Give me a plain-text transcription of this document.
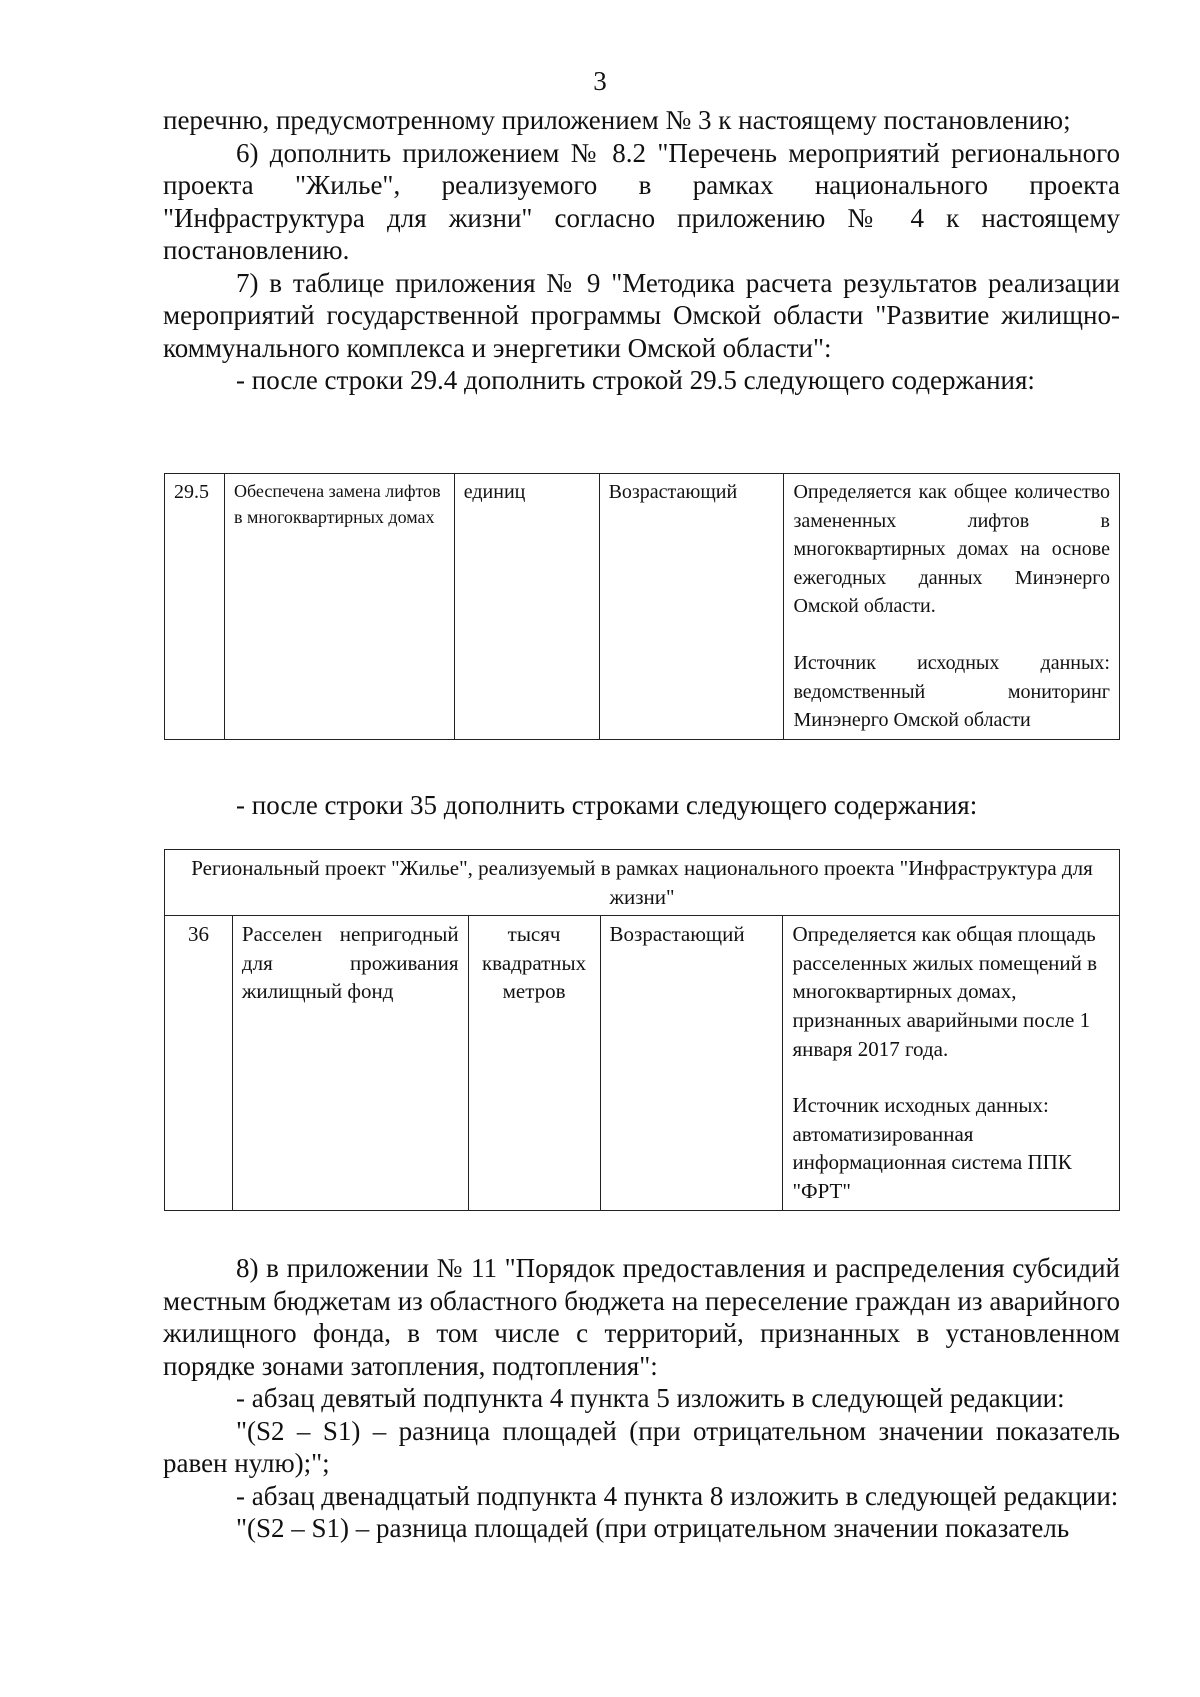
3

перечню, предусмотренному приложением № 3 к настоящему постановлению;

6) дополнить приложением № 8.2 "Перечень мероприятий регионального проекта "Жилье", реализуемого в рамках национального проекта "Инфраструктура для жизни" согласно приложению № 4 к настоящему постановлению.

7) в таблице приложения № 9 "Методика расчета результатов реализации мероприятий государственной программы Омской области "Развитие жилищно-коммунального комплекса и энергетики Омской области":

- после строки 29.4 дополнить строкой 29.5 следующего содержания:

29.5	Обеспечена замена лифтов в многоквартирных домах	единиц	Возрастающий	Определяется как общее количество замененных лифтов в многоквартирных домах на основе ежегодных данных Минэнерго Омской области.
Источник исходных данных: ведомственный мониторинг Минэнерго Омской области

- после строки 35 дополнить строками следующего содержания:

Региональный проект "Жилье", реализуемый в рамках национального проекта "Инфраструктура для жизни"
36	Расселен непригодный для проживания жилищный фонд	тысяч квадратных метров	Возрастающий	Определяется как общая площадь расселенных жилых помещений в многоквартирных домах, признанных аварийными после 1 января 2017 года.
Источник исходных данных: автоматизированная информационная система ППК "ФРТ"

8) в приложении № 11 "Порядок предоставления и распределения субсидий местным бюджетам из областного бюджета на переселение граждан из аварийного жилищного фонда, в том числе с территорий, признанных в установленном порядке зонами затопления, подтопления":

- абзац девятый подпункта 4 пункта 5 изложить в следующей редакции:

"(S2 – S1) – разница площадей (при отрицательном значении показатель равен нулю);";

- абзац двенадцатый подпункта 4 пункта 8 изложить в следующей редакции:

"(S2 – S1) – разница площадей (при отрицательном значении показатель
